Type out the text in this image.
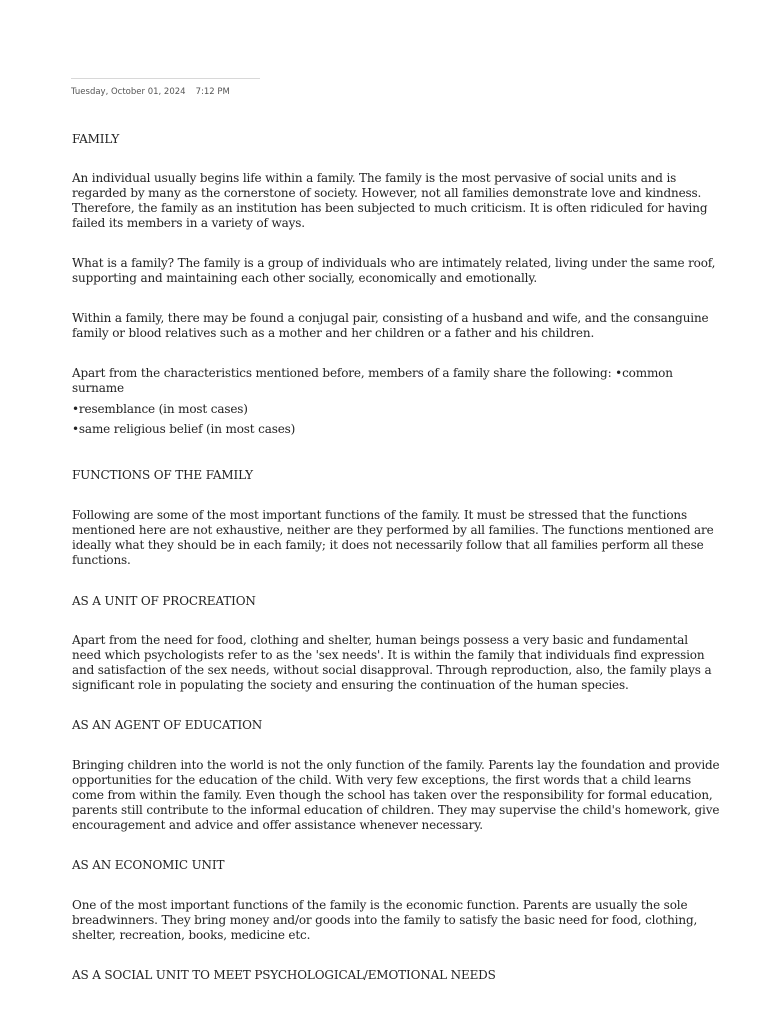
Tuesday, October 01, 2024 7:12 PM

FAMILY

An individual usually begins life within a family. The family is the most pervasive of social units and is regarded by many as the cornerstone of society. However, not all families demonstrate love and kindness. Therefore, the family as an institution has been subjected to much criticism. It is often ridiculed for having failed its members in a variety of ways.

What is a family? The family is a group of individuals who are intimately related, living under the same roof, supporting and maintaining each other socially, economically and emotionally.

Within a family, there may be found a conjugal pair, consisting of a husband and wife, and the consanguine family or blood relatives such as a mother and her children or a father and his children.

Apart from the characteristics mentioned before, members of a family share the following: •common surname

•resemblance (in most cases)
•same religious belief (in most cases)

FUNCTIONS OF THE FAMILY

Following are some of the most important functions of the family. It must be stressed that the functions mentioned here are not exhaustive, neither are they performed by all families. The functions mentioned are ideally what they should be in each family; it does not necessarily follow that all families perform all these functions.

AS A UNIT OF PROCREATION

Apart from the need for food, clothing and shelter, human beings possess a very basic and fundamental need which psychologists refer to as the 'sex needs'. It is within the family that individuals find expression and satisfaction of the sex needs, without social disapproval. Through reproduction, also, the family plays a significant role in populating the society and ensuring the continuation of the human species.

AS AN AGENT OF EDUCATION

Bringing children into the world is not the only function of the family. Parents lay the foundation and provide opportunities for the education of the child. With very few exceptions, the first words that a child learns come from within the family. Even though the school has taken over the responsibility for formal education, parents still contribute to the informal education of children. They may supervise the child's homework, give encouragement and advice and offer assistance whenever necessary.

AS AN ECONOMIC UNIT

One of the most important functions of the family is the economic function. Parents are usually the sole breadwinners. They bring money and/or goods into the family to satisfy the basic need for food, clothing, shelter, recreation, books, medicine etc.

AS A SOCIAL UNIT TO MEET PSYCHOLOGICAL/EMOTIONAL NEEDS
